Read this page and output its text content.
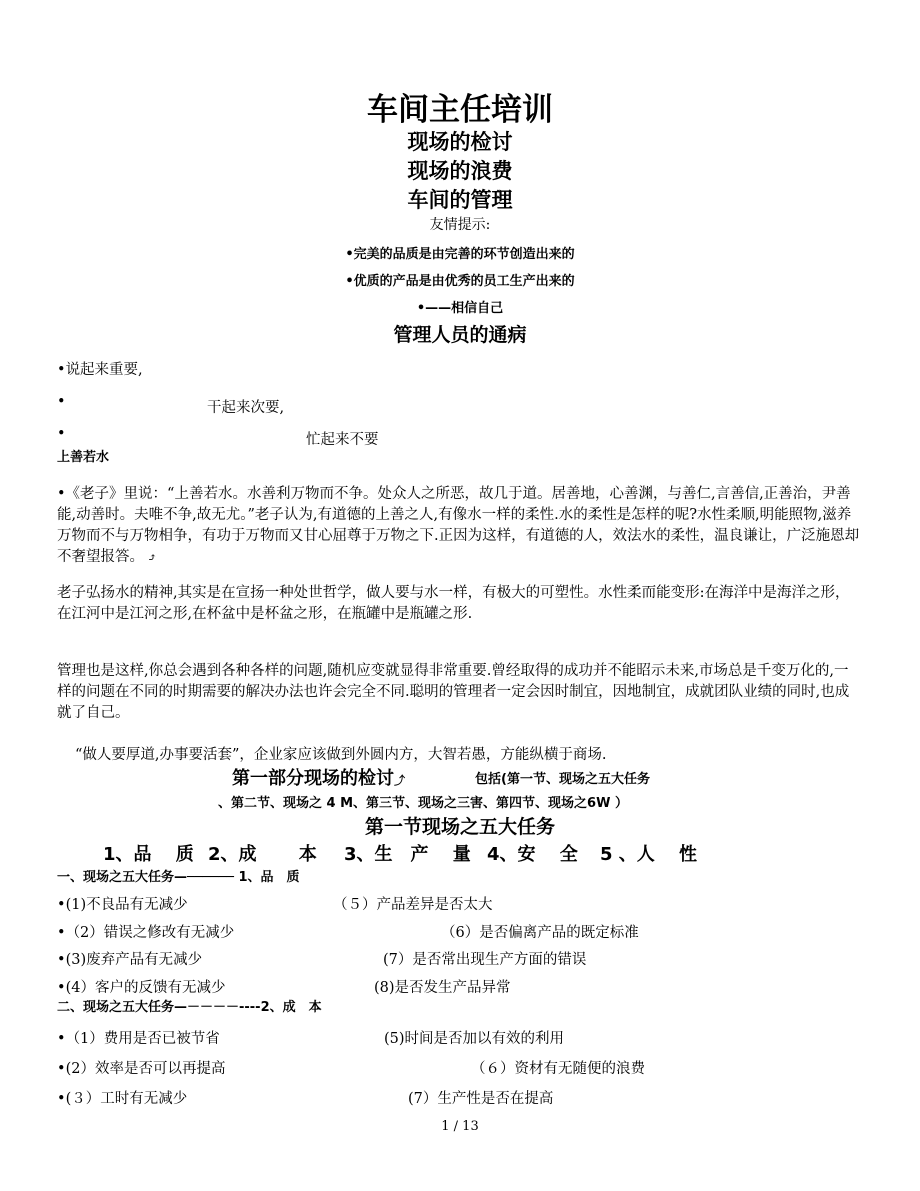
车间主任培训
现场的检讨
现场的浪费
车间的管理
友情提示:
•完美的品质是由完善的环节创造出来的
•优质的产品是由优秀的员工生产出来的
•——相信自己
管理人员的通病
•说起来重要,
•	干起来次要,
•	忙起来不要
上善若水
•《老子》里说：“上善若水。水善利万物而不争。处众人之所恶，故几于道。居善地，心善渊，与善仁,言善信,正善治，尹善能,动善时。夫唯不争,故无尤。”老子认为,有道德的上善之人,有像水一样的柔性.水的柔性是怎样的呢?水性柔顺,明能照物,滋养万物而不与万物相争，有功于万物而又甘心屈尊于万物之下.正因为这样，有道德的人，效法水的柔性，温良谦让，广泛施恩却不奢望报答。 ⤴
老子弘扬水的精神,其实是在宣扬一种处世哲学，做人要与水一样，有极大的可塑性。水性柔而能变形:在海洋中是海洋之形，在江河中是江河之形,在杯盆中是杯盆之形，在瓶罐中是瓶罐之形.
管理也是这样,你总会遇到各种各样的问题,随机应变就显得非常重要.曾经取得的成功并不能昭示未来,市场总是千变万化的,一样的问题在不同的时期需要的解决办法也许会完全不同.聪明的管理者一定会因时制宜，因地制宜，成就团队业绩的同时,也成就了自己。
“做人要厚道,办事要活套”，企业家应该做到外圆内方，大智若愚，方能纵横于商场.
第一部分现场的检讨⤴	包括(第一节、现场之五大任务
、第二节、现场之 4 M、第三节、现场之三害、第四节、现场之6W ）
第一节现场之五大任务
1、品　 质 2、成　　 本 3、生　产　 量 4、安　 全 5 、人　 性
一、现场之五大任务—────── 1、品　质
•(1)不良品有无减少	（５）产品差异是否太大
•（2）错误之修改有无减少	（6）是否偏离产品的既定标准
•(3)废弃产品有无减少	(7）是否常出现生产方面的错误
•(4）客户的反馈有无减少	(8)是否发生产品异常
二、现场之五大任务—－－－－----2、成　本
•（1）费用是否已被节省	(5)时间是否加以有效的利用
•(2）效率是否可以再提高	（６）资材有无随便的浪费
•(３）工时有无减少	(7）生产性是否在提高
1 / 13
